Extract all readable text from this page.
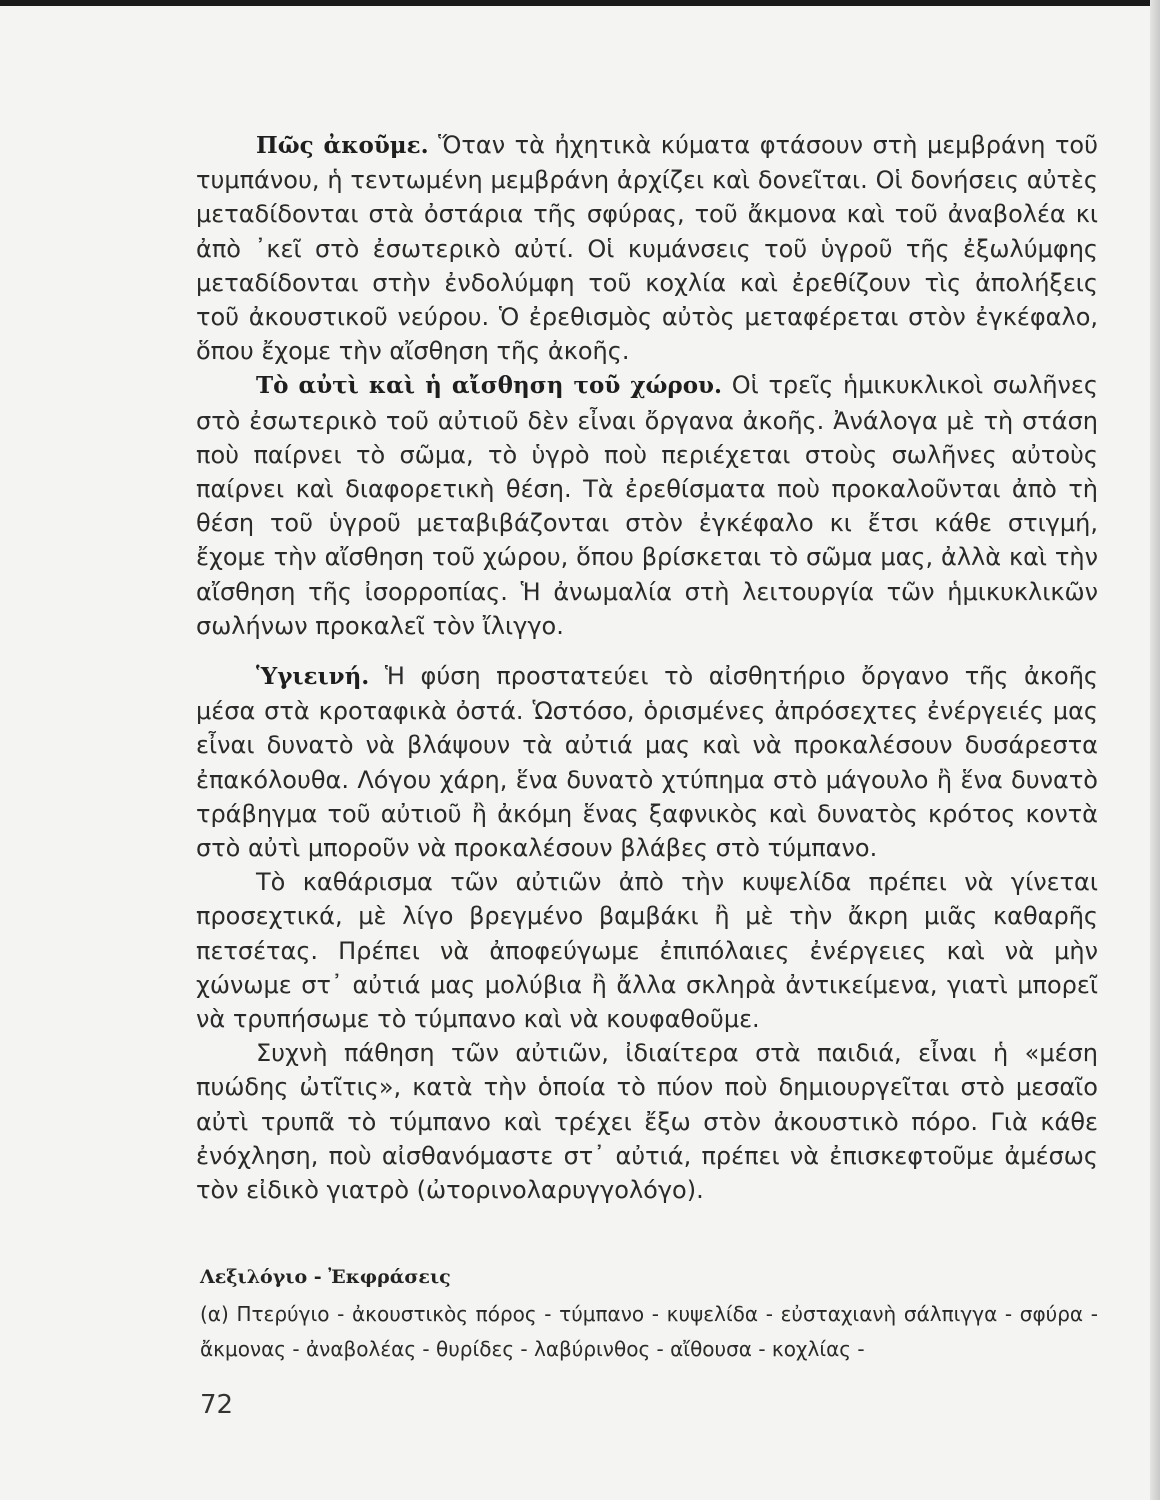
Πῶς ἀκοῦμε. Ὅταν τὰ ἠχητικὰ κύματα φτάσουν στὴ μεμβράνη τοῦ τυμπάνου, ἡ τεντωμένη μεμβράνη ἀρχίζει καὶ δονεῖται. Οἱ δονήσεις αὐτὲς μεταδίδονται στὰ ὀστάρια τῆς σφύρας, τοῦ ἄκμονα καὶ τοῦ ἀναβολέα κι ἀπὸ ᾽κεῖ στὸ ἐσωτερικὸ αὐτί. Οἱ κυμάνσεις τοῦ ὑγροῦ τῆς ἐξωλύμφης μεταδίδονται στὴν ἐνδολύμφη τοῦ κοχλία καὶ ἐρεθίζουν τὶς ἀπολήξεις τοῦ ἀκουστικοῦ νεύρου. Ὁ ἐρεθισμὸς αὐτὸς μεταφέρεται στὸν ἐγκέφαλο, ὅπου ἔχομε τὴν αἴσθηση τῆς ἀκοῆς.

Τὸ αὐτὶ καὶ ἡ αἴσθηση τοῦ χώρου. Οἱ τρεῖς ἡμικυκλικοὶ σωλῆνες στὸ ἐσωτερικὸ τοῦ αὐτιοῦ δὲν εἶναι ὄργανα ἀκοῆς. Ἀνάλογα μὲ τὴ στάση ποὺ παίρνει τὸ σῶμα, τὸ ὑγρὸ ποὺ περιέχεται στοὺς σωλῆνες αὐτοὺς παίρνει καὶ διαφορετικὴ θέση. Τὰ ἐρεθίσματα ποὺ προκαλοῦνται ἀπὸ τὴ θέση τοῦ ὑγροῦ μεταβιβάζονται στὸν ἐγκέφαλο κι ἔτσι κάθε στιγμή, ἔχομε τὴν αἴσθηση τοῦ χώρου, ὅπου βρίσκεται τὸ σῶμα μας, ἀλλὰ καὶ τὴν αἴσθηση τῆς ἰσορροπίας. Ἡ ἀνωμαλία στὴ λειτουργία τῶν ἡμικυκλικῶν σωλήνων προκαλεῖ τὸν ἴλιγγο.

Ὑγιεινή. Ἡ φύση προστατεύει τὸ αἰσθητήριο ὄργανο τῆς ἀκοῆς μέσα στὰ κροταφικὰ ὀστά. Ὡστόσο, ὁρισμένες ἀπρόσεχτες ἐνέργειές μας εἶναι δυνατὸ νὰ βλάψουν τὰ αὐτιά μας καὶ νὰ προκαλέσουν δυσάρεστα ἐπακόλουθα. Λόγου χάρη, ἕνα δυνατὸ χτύπημα στὸ μάγουλο ἢ ἕνα δυνατὸ τράβηγμα τοῦ αὐτιοῦ ἢ ἀκόμη ἕνας ξαφνικὸς καὶ δυνατὸς κρότος κοντὰ στὸ αὐτὶ μποροῦν νὰ προκαλέσουν βλάβες στὸ τύμπανο.

Τὸ καθάρισμα τῶν αὐτιῶν ἀπὸ τὴν κυψελίδα πρέπει νὰ γίνεται προσεχτικά, μὲ λίγο βρεγμένο βαμβάκι ἢ μὲ τὴν ἄκρη μιᾶς καθαρῆς πετσέτας. Πρέπει νὰ ἀποφεύγωμε ἐπιπόλαιες ἐνέργειες καὶ νὰ μὴν χώνωμε στ᾽ αὐτιά μας μολύβια ἢ ἄλλα σκληρὰ ἀντικείμενα, γιατὶ μπορεῖ νὰ τρυπήσωμε τὸ τύμπανο καὶ νὰ κουφαθοῦμε.

Συχνὴ πάθηση τῶν αὐτιῶν, ἰδιαίτερα στὰ παιδιά, εἶναι ἡ «μέση πυώδης ὠτῖτις», κατὰ τὴν ὁποία τὸ πύον ποὺ δημιουργεῖται στὸ μεσαῖο αὐτὶ τρυπᾶ τὸ τύμπανο καὶ τρέχει ἔξω στὸν ἀκουστικὸ πόρο. Γιὰ κάθε ἐνόχληση, ποὺ αἰσθανόμαστε στ᾽ αὐτιά, πρέπει νὰ ἐπισκεφτοῦμε ἀμέσως τὸν εἰδικὸ γιατρὸ (ὠτορινολαρυγγολόγο).

Λεξιλόγιο - Ἐκφράσεις
(α) Πτερύγιο - ἀκουστικὸς πόρος - τύμπανο - κυψελίδα - εὐσταχιανὴ σάλπιγγα - σφύρα - ἄκμονας - ἀναβολέας - θυρίδες - λαβύρινθος - αἴθουσα - κοχλίας -
72
